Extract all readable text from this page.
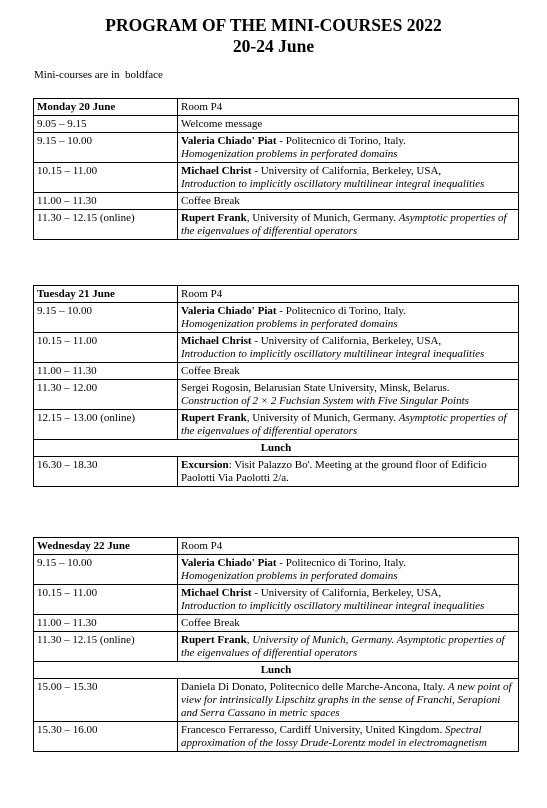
PROGRAM OF THE MINI-COURSES 2022
20-24 June
Mini-courses are in  boldface
Monday 20 June	Room P4
9.05 – 9.15	Welcome message
9.15 – 10.00	Valeria Chiado' Piat - Politecnico di Torino, Italy.
Homogenization problems in perforated domains
10.15 – 11.00	Michael Christ - University of California, Berkeley, USA,
Introduction to implicitly oscillatory multilinear integral inequalities
11.00 – 11.30	Coffee Break
11.30 – 12.15 (online)	Rupert Frank, University of Munich, Germany. Asymptotic properties of the eigenvalues of differential operators
Tuesday 21 June	Room P4
9.15 – 10.00	Valeria Chiado' Piat - Politecnico di Torino, Italy.
Homogenization problems in perforated domains
10.15 – 11.00	Michael Christ - University of California, Berkeley, USA,
Introduction to implicitly oscillatory multilinear integral inequalities
11.00 – 11.30	Coffee Break
11.30 – 12.00	Sergei Rogosin, Belarusian State University, Minsk, Belarus.
Construction of 2 × 2 Fuchsian System with Five Singular Points
12.15 – 13.00 (online)	Rupert Frank, University of Munich, Germany. Asymptotic properties of the eigenvalues of differential operators
Lunch	
16.30 – 18.30	Excursion: Visit Palazzo Bo'. Meeting at the ground floor of Edificio Paolotti Via Paolotti 2/a.
Wednesday 22 June	Room P4
9.15 – 10.00	Valeria Chiado' Piat - Politecnico di Torino, Italy.
Homogenization problems in perforated domains
10.15 – 11.00	Michael Christ - University of California, Berkeley, USA,
Introduction to implicitly oscillatory multilinear integral inequalities
11.00 – 11.30	Coffee Break
11.30 – 12.15 (online)	Rupert Frank, University of Munich, Germany. Asymptotic properties of the eigenvalues of differential operators
Lunch	
15.00 – 15.30	Daniela Di Donato, Politecnico delle Marche-Ancona, Italy. A new point of view for intrinsically Lipschitz graphs in the sense of Franchi, Serapioni and Serra Cassano in metric spaces
15.30 – 16.00	Francesco Ferraresso, Cardiff University, United Kingdom. Spectral approximation of the lossy Drude-Lorentz model in electromagnetism
